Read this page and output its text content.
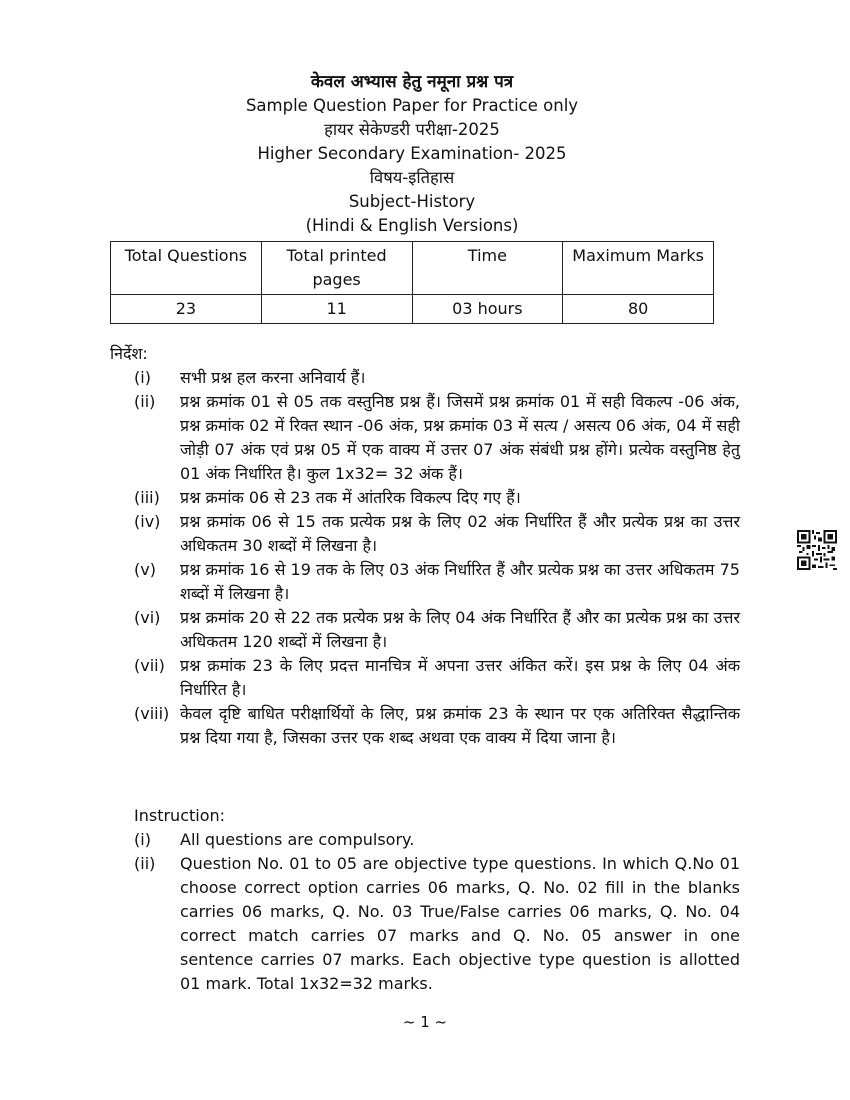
केवल अभ्यास हेतु नमूना प्रश्न पत्र
Sample Question Paper for Practice only
हायर सेकेण्डरी परीक्षा-2025
Higher Secondary Examination- 2025
विषय-इतिहास
Subject-History
(Hindi & English Versions)
Total Questions	Total printed pages	Time	Maximum Marks
23	11	03 hours	80
निर्देश:
(i)	सभी प्रश्न हल करना अनिवार्य हैं।
(ii)	प्रश्न क्रमांक 01 से 05 तक वस्तुनिष्ठ प्रश्न हैं। जिसमें प्रश्न क्रमांक 01 में सही विकल्प -06 अंक, प्रश्न क्रमांक 02 में रिक्त स्थान -06 अंक, प्रश्न क्रमांक 03 में सत्य / असत्य 06 अंक, 04 में सही जोड़ी 07 अंक एवं प्रश्न 05 में एक वाक्य में उत्तर 07 अंक संबंधी प्रश्न होंगे। प्रत्येक वस्तुनिष्ठ हेतु 01 अंक निर्धारित है। कुल 1x32= 32 अंक हैं।
(iii)	प्रश्न क्रमांक 06 से 23 तक में आंतरिक विकल्प दिए गए हैं।
(iv)	प्रश्न क्रमांक 06 से 15 तक प्रत्येक प्रश्न के लिए 02 अंक निर्धारित हैं और प्रत्येक प्रश्न का उत्तर अधिकतम 30 शब्दों में लिखना है।
(v)	प्रश्न क्रमांक 16 से 19 तक के लिए 03 अंक निर्धारित हैं और प्रत्येक प्रश्न का उत्तर अधिकतम 75 शब्दों में लिखना है।
(vi)	प्रश्न क्रमांक 20 से 22 तक प्रत्येक प्रश्न के लिए 04 अंक निर्धारित हैं और का प्रत्येक प्रश्न का उत्तर अधिकतम 120 शब्दों में लिखना है।
(vii) प्रश्न क्रमांक 23 के लिए प्रदत्त मानचित्र में अपना उत्तर अंकित करें। इस प्रश्न के लिए 04 अंक निर्धारित है।
(viii) केवल दृष्टि बाधित परीक्षार्थियों के लिए, प्रश्न क्रमांक 23 के स्थान पर एक अतिरिक्त सैद्धान्तिक प्रश्न दिया गया है, जिसका उत्तर एक शब्द अथवा एक वाक्य में दिया जाना है।
Instruction:
(i)	All questions are compulsory.
(ii)	Question No. 01 to 05 are objective type questions. In which Q.No 01 choose correct option carries 06 marks, Q. No. 02 fill in the blanks carries 06 marks, Q. No. 03 True/False carries 06 marks, Q. No. 04 correct match carries 07 marks and Q. No. 05 answer in one sentence carries 07 marks. Each objective type question is allotted 01 mark. Total 1x32=32 marks.
~ 1 ~
